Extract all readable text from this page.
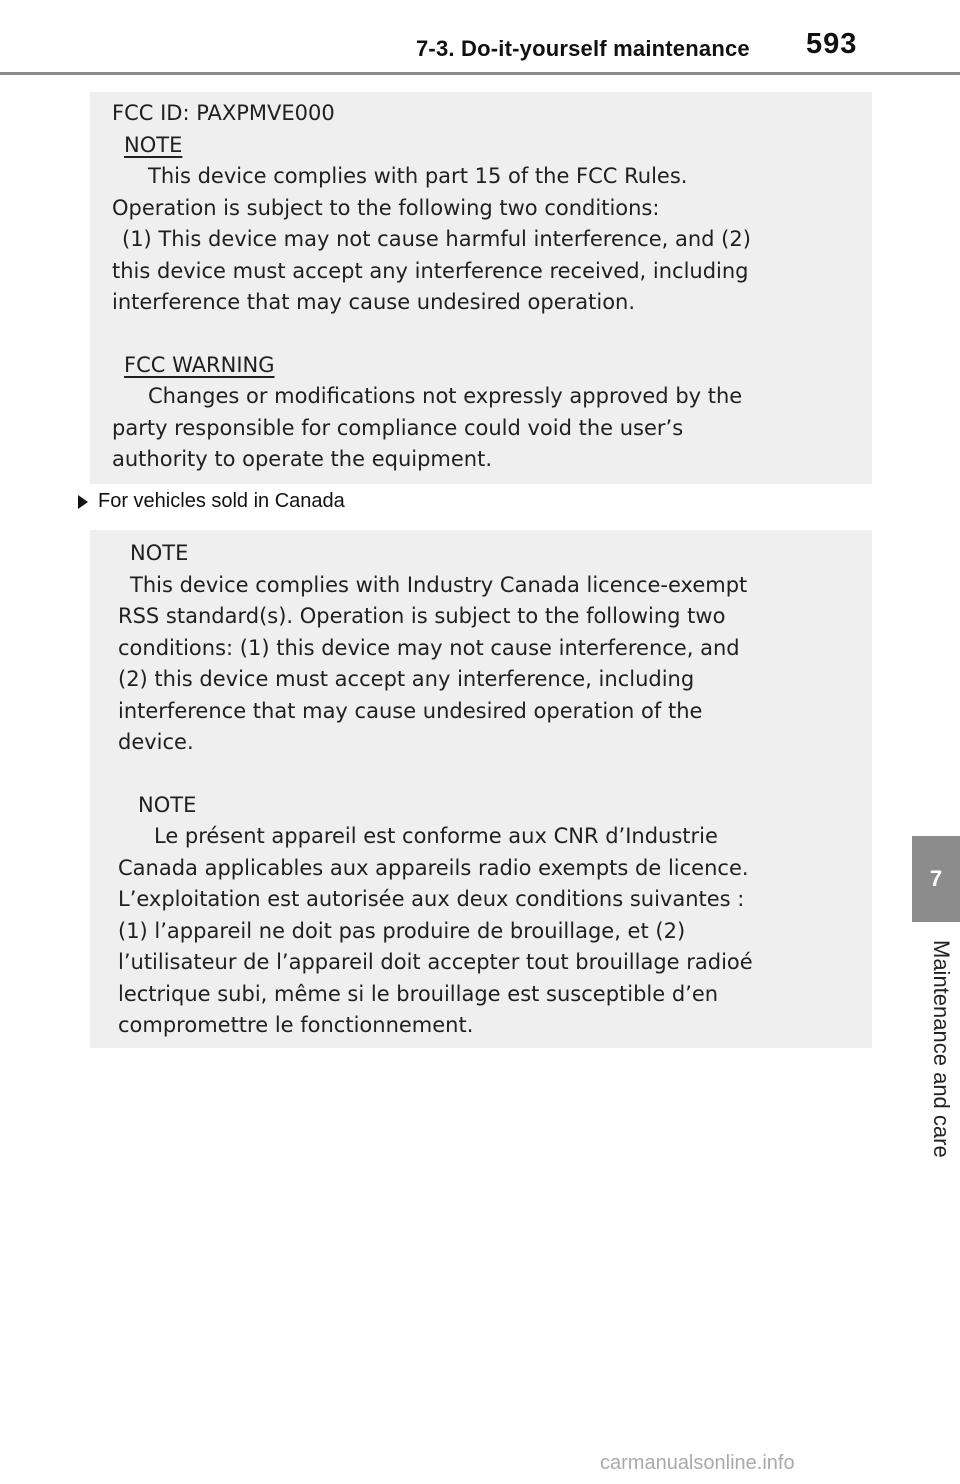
7-3. Do-it-yourself maintenance 593

FCC ID: PAXPMVE000

NOTE

This device complies with part 15 of the FCC Rules.

Operation is subject to the following two conditions:

(1) This device may not cause harmful interference, and (2)

this device must accept any interference received, including

interference that may cause undesired operation.

FCC WARNING

Changes or modifications not expressly approved by the

party responsible for compliance could void the user’s

authority to operate the equipment.

For vehicles sold in Canada

NOTE

This device complies with Industry Canada licence-exempt

RSS standard(s). Operation is subject to the following two

conditions: (1) this device may not cause interference, and

(2) this device must accept any interference, including

interference that may cause undesired operation of the

device.

NOTE

Le présent appareil est conforme aux CNR d’Industrie

Canada applicables aux appareils radio exempts de licence.

L’exploitation est autorisée aux deux conditions suivantes :

(1) l’appareil ne doit pas produire de brouillage, et (2)

l’utilisateur de l’appareil doit accepter tout brouillage radioé

lectrique subi, même si le brouillage est susceptible d’en

compromettre le fonctionnement.

7
Maintenance and care
carmanualsonline.info
